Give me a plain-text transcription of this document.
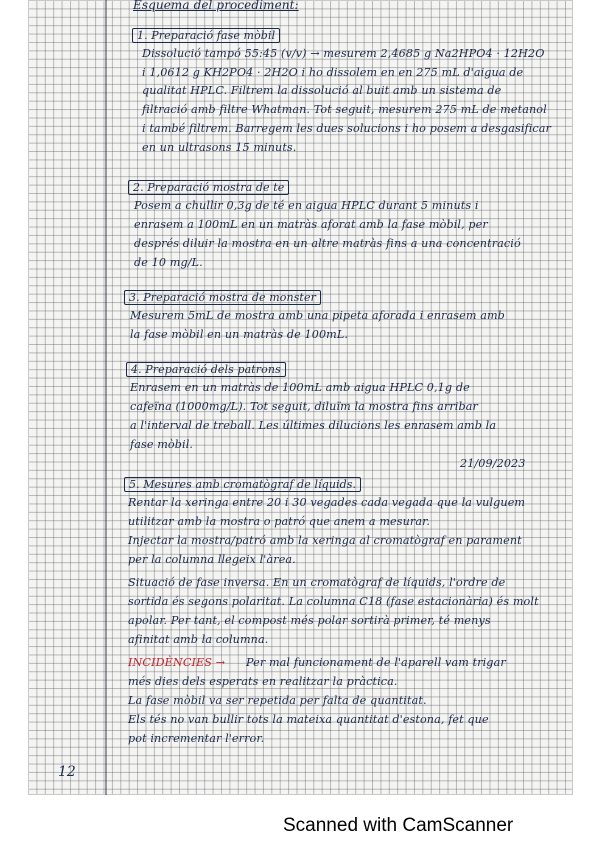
Esquema del procediment:
1. Preparació fase mòbil
Dissolució tampó 55:45 (v/v) → mesurem 2,4685 g Na2HPO4 · 12H2O
i 1,0612 g KH2PO4 · 2H2O i ho dissolem en en 275 mL d'aigua de
qualitat HPLC. Filtrem la dissolució al buit amb un sistema de
filtració amb filtre Whatman. Tot seguit, mesurem 275 mL de metanol
i també filtrem. Barregem les dues solucions i ho posem a desgasificar
en un ultrasons 15 minuts.
2. Preparació mostra de te
Posem a chullir 0,3g de té en aigua HPLC durant 5 minuts i
enrasem a 100mL en un matràs aforat amb la fase mòbil, per
després diluir la mostra en un altre matràs fins a una concentració
de 10 mg/L.
3. Preparació mostra de monster
Mesurem 5mL de mostra amb una pipeta aforada i enrasem amb
la fase mòbil en un matràs de 100mL.
4. Preparació dels patrons
Enrasem en un matràs de 100mL amb aigua HPLC 0,1g de
cafeïna (1000mg/L). Tot seguit, diluïm la mostra fins arribar
a l'interval de treball. Les últimes dilucions les enrasem amb la
fase mòbil.
21/09/2023
5. Mesures amb cromatògraf de líquids.
Rentar la xeringa entre 20 i 30 vegades cada vegada que la vulguem
utilitzar amb la mostra o patró que anem a mesurar.
Injectar la mostra/patró amb la xeringa al cromatògraf en parament
per la columna llegeix l'àrea.
Situació de fase inversa. En un cromatògraf de líquids, l'ordre de
sortida és segons polaritat. La columna C18 (fase estacionària) és molt
apolar. Per tant, el compost més polar sortirà primer, té menys
afinitat amb la columna.
INCIDÈNCIES → Per mal funcionament de l'aparell vam trigar
més dies dels esperats en realitzar la pràctica.
La fase mòbil va ser repetida per falta de quantitat.
Els tés no van bullir tots la mateixa quantitat d'estona, fet que
pot incrementar l'error.
12
Scanned with CamScanner
